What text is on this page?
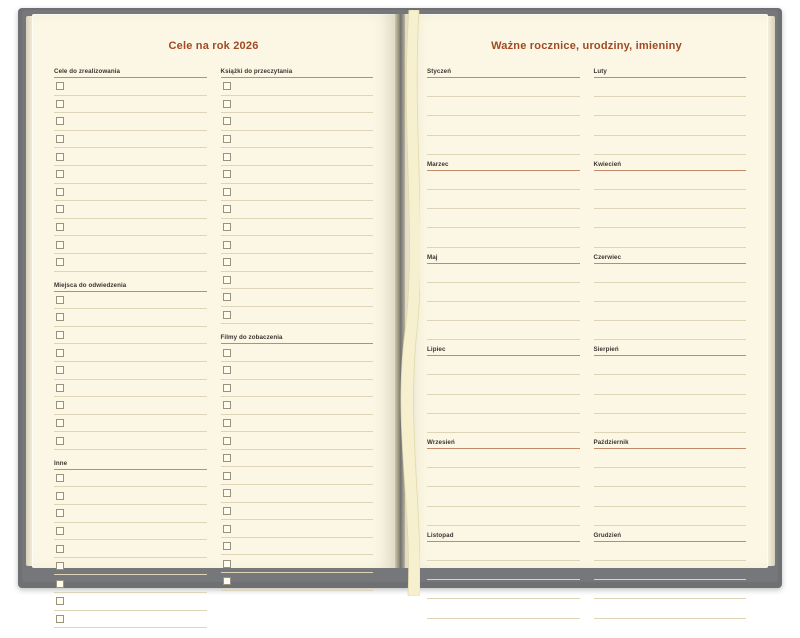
Cele na rok 2026
Cele do zrealizowania
Miejsca do odwiedzenia
Inne
Książki do przeczytania
Filmy do zobaczenia
Ważne rocznice, urodziny, imieniny
Styczeń
Marzec
Maj
Lipiec
Wrzesień
Listopad
Luty
Kwiecień
Czerwiec
Sierpień
Październik
Grudzień
